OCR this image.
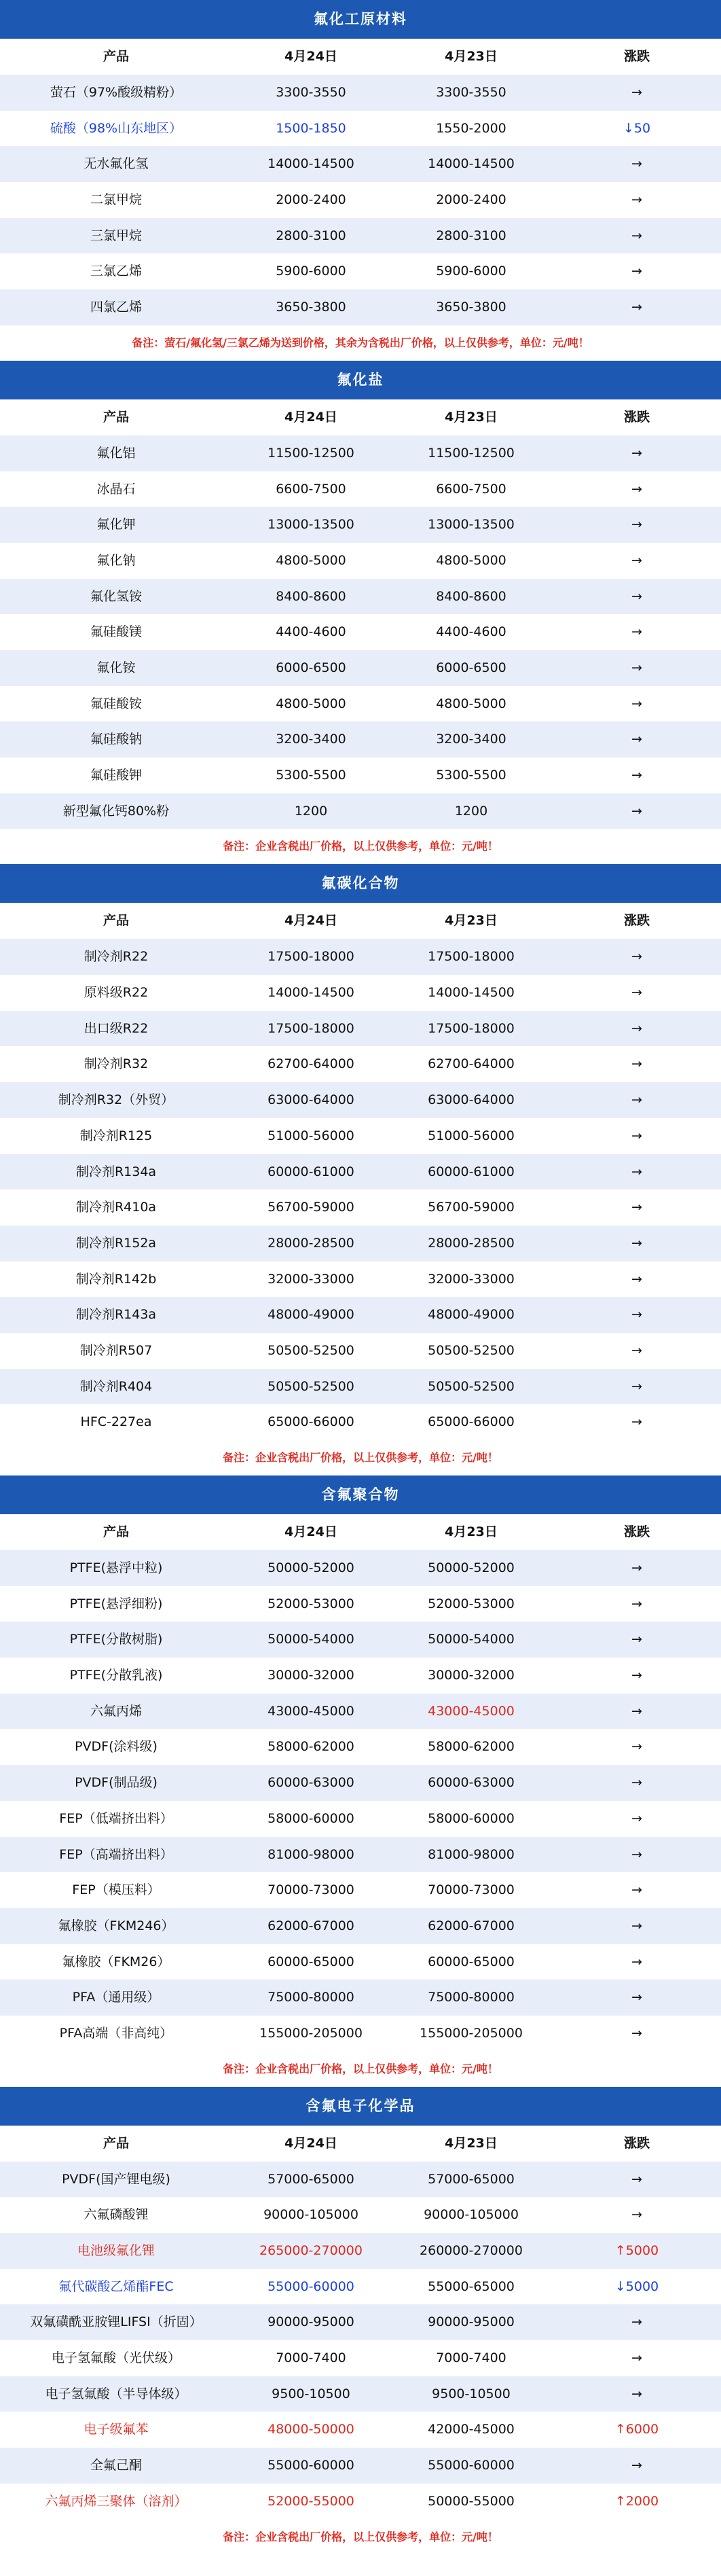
氟化工原材料
产品	4月24日	4月23日	涨跌
萤石（97%酸级精粉）	3300-3550	3300-3550	→
硫酸（98%山东地区）	1500-1850	1550-2000	↓50
无水氟化氢	14000-14500	14000-14500	→
二氯甲烷	2000-2400	2000-2400	→
三氯甲烷	2800-3100	2800-3100	→
三氯乙烯	5900-6000	5900-6000	→
四氯乙烯	3650-3800	3650-3800	→
备注：萤石/氟化氢/三氯乙烯为送到价格，其余为含税出厂价格，以上仅供参考，单位：元/吨！
氟化盐
产品	4月24日	4月23日	涨跌
氟化铝	11500-12500	11500-12500	→
冰晶石	6600-7500	6600-7500	→
氟化钾	13000-13500	13000-13500	→
氟化钠	4800-5000	4800-5000	→
氟化氢铵	8400-8600	8400-8600	→
氟硅酸镁	4400-4600	4400-4600	→
氟化铵	6000-6500	6000-6500	→
氟硅酸铵	4800-5000	4800-5000	→
氟硅酸钠	3200-3400	3200-3400	→
氟硅酸钾	5300-5500	5300-5500	→
新型氟化钙80%粉	1200	1200	→
备注：企业含税出厂价格，以上仅供参考，单位：元/吨！
氟碳化合物
产品	4月24日	4月23日	涨跌
制冷剂R22	17500-18000	17500-18000	→
原料级R22	14000-14500	14000-14500	→
出口级R22	17500-18000	17500-18000	→
制冷剂R32	62700-64000	62700-64000	→
制冷剂R32（外贸）	63000-64000	63000-64000	→
制冷剂R125	51000-56000	51000-56000	→
制冷剂R134a	60000-61000	60000-61000	→
制冷剂R410a	56700-59000	56700-59000	→
制冷剂R152a	28000-28500	28000-28500	→
制冷剂R142b	32000-33000	32000-33000	→
制冷剂R143a	48000-49000	48000-49000	→
制冷剂R507	50500-52500	50500-52500	→
制冷剂R404	50500-52500	50500-52500	→
HFC-227ea	65000-66000	65000-66000	→
备注：企业含税出厂价格，以上仅供参考，单位：元/吨！
含氟聚合物
产品	4月24日	4月23日	涨跌
PTFE(悬浮中粒)	50000-52000	50000-52000	→
PTFE(悬浮细粉)	52000-53000	52000-53000	→
PTFE(分散树脂)	50000-54000	50000-54000	→
PTFE(分散乳液)	30000-32000	30000-32000	→
六氟丙烯	43000-45000	43000-45000	→
PVDF(涂料级)	58000-62000	58000-62000	→
PVDF(制品级)	60000-63000	60000-63000	→
FEP（低端挤出料）	58000-60000	58000-60000	→
FEP（高端挤出料）	81000-98000	81000-98000	→
FEP（模压料）	70000-73000	70000-73000	→
氟橡胶（FKM246）	62000-67000	62000-67000	→
氟橡胶（FKM26）	60000-65000	60000-65000	→
PFA（通用级）	75000-80000	75000-80000	→
PFA高端（非高纯）	155000-205000	155000-205000	→
备注：企业含税出厂价格，以上仅供参考，单位：元/吨！
含氟电子化学品
产品	4月24日	4月23日	涨跌
PVDF(国产锂电级)	57000-65000	57000-65000	→
六氟磷酸锂	90000-105000	90000-105000	→
电池级氟化锂	265000-270000	260000-270000	↑5000
氟代碳酸乙烯酯FEC	55000-60000	55000-65000	↓5000
双氟磺酰亚胺锂LIFSI（折固）	90000-95000	90000-95000	→
电子氢氟酸（光伏级）	7000-7400	7000-7400	→
电子氢氟酸（半导体级）	9500-10500	9500-10500	→
电子级氟苯	48000-50000	42000-45000	↑6000
全氟己酮	55000-60000	55000-60000	→
六氟丙烯三聚体（溶剂）	52000-55000	50000-55000	↑2000
备注：企业含税出厂价格，以上仅供参考，单位：元/吨！
